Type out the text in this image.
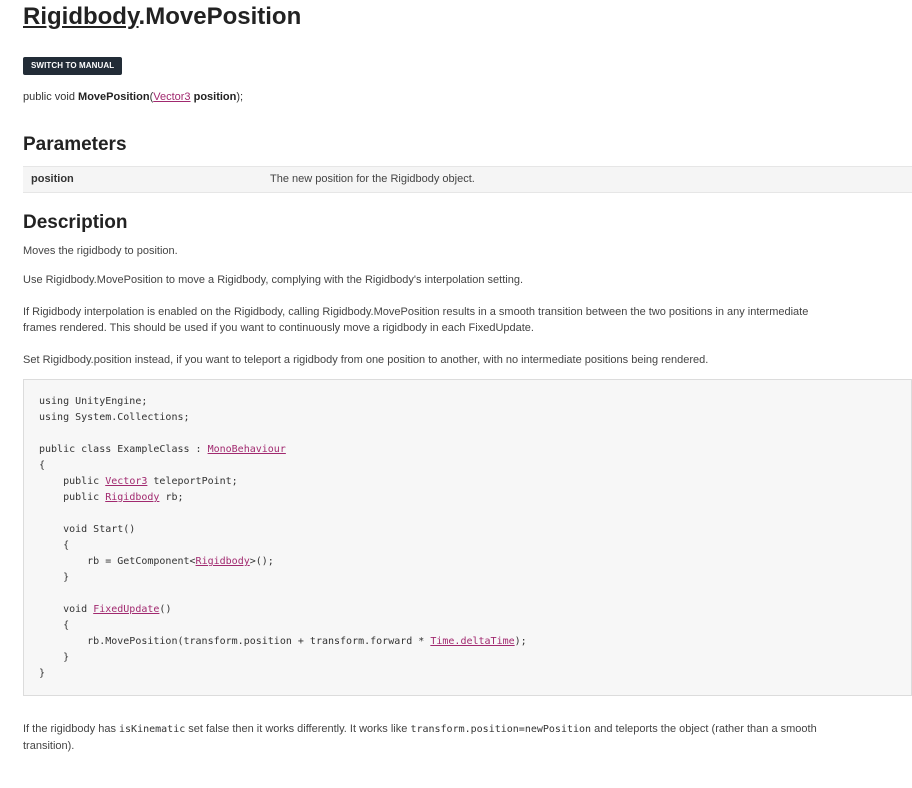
Rigidbody.MovePosition
SWITCH TO MANUAL
public void MovePosition(Vector3 position);
Parameters
position	The new position for the Rigidbody object.
Description
Moves the rigidbody to position.
Use Rigidbody.MovePosition to move a Rigidbody, complying with the Rigidbody's interpolation setting.
If Rigidbody interpolation is enabled on the Rigidbody, calling Rigidbody.MovePosition results in a smooth transition between the two positions in any intermediate frames rendered. This should be used if you want to continuously move a rigidbody in each FixedUpdate.
Set Rigidbody.position instead, if you want to teleport a rigidbody from one position to another, with no intermediate positions being rendered.
using UnityEngine;
using System.Collections;
public class ExampleClass : MonoBehaviour
{
public Vector3 teleportPoint;
public Rigidbody rb;
void Start()
{
rb = GetComponent<Rigidbody>();
}
void FixedUpdate()
{
rb.MovePosition(transform.position + transform.forward * Time.deltaTime);
}
}
If the rigidbody has isKinematic set false then it works differently. It works like transform.position=newPosition and teleports the object (rather than a smooth transition).
